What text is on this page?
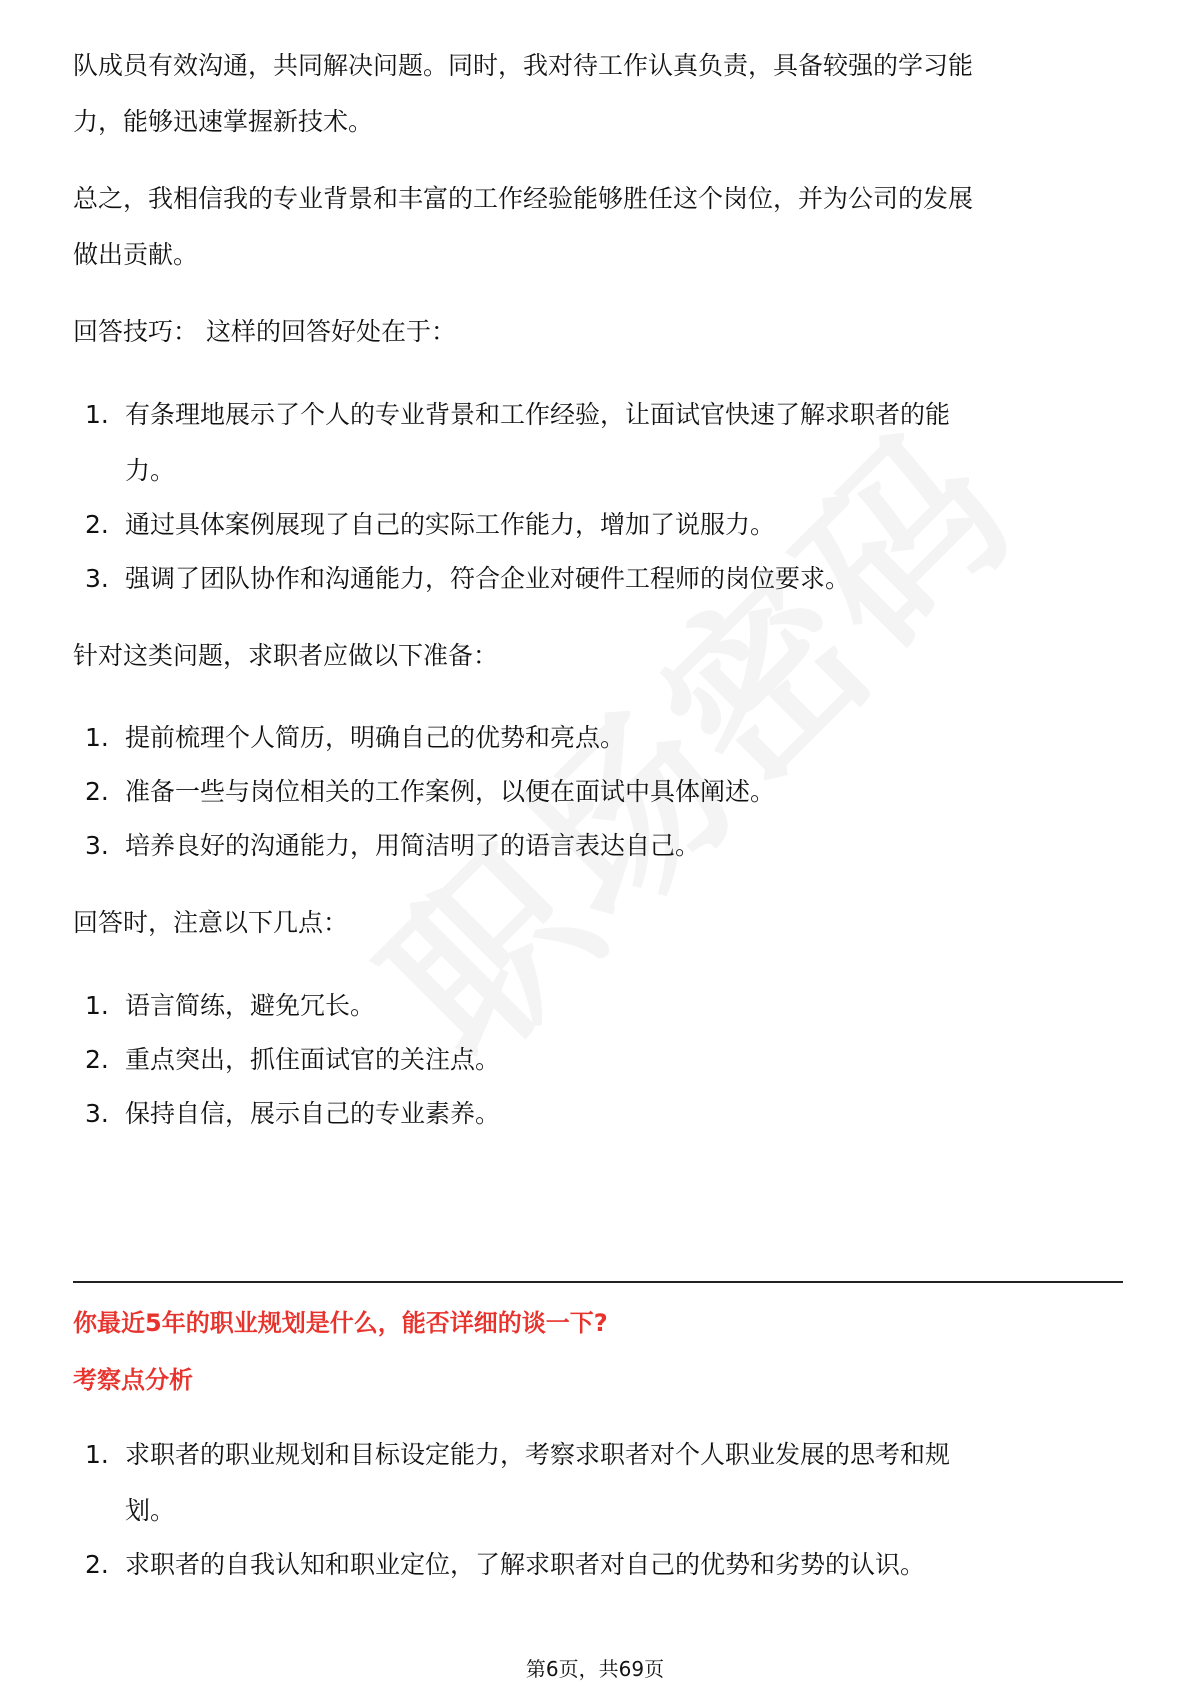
队成员有效沟通，共同解决问题。同时，我对待工作认真负责，具备较强的学习能

力，能够迅速掌握新技术。

总之，我相信我的专业背景和丰富的工作经验能够胜任这个岗位，并为公司的发展

做出贡献。

回答技巧： 这样的回答好处在于：

1. 有条理地展示了个人的专业背景和工作经验，让面试官快速了解求职者的能
力。
2. 通过具体案例展现了自己的实际工作能力，增加了说服力。
3. 强调了团队协作和沟通能力，符合企业对硬件工程师的岗位要求。

针对这类问题，求职者应做以下准备：

1. 提前梳理个人简历，明确自己的优势和亮点。
2. 准备一些与岗位相关的工作案例，以便在面试中具体阐述。
3. 培养良好的沟通能力，用简洁明了的语言表达自己。

回答时，注意以下几点：

1. 语言简练，避免冗长。
2. 重点突出，抓住面试官的关注点。
3. 保持自信，展示自己的专业素养。

你最近5年的职业规划是什么，能否详细的谈一下?

考察点分析

1. 求职者的职业规划和目标设定能力，考察求职者对个人职业发展的思考和规
划。
2. 求职者的自我认知和职业定位，了解求职者对自己的优势和劣势的认识。
第6页，共69页
